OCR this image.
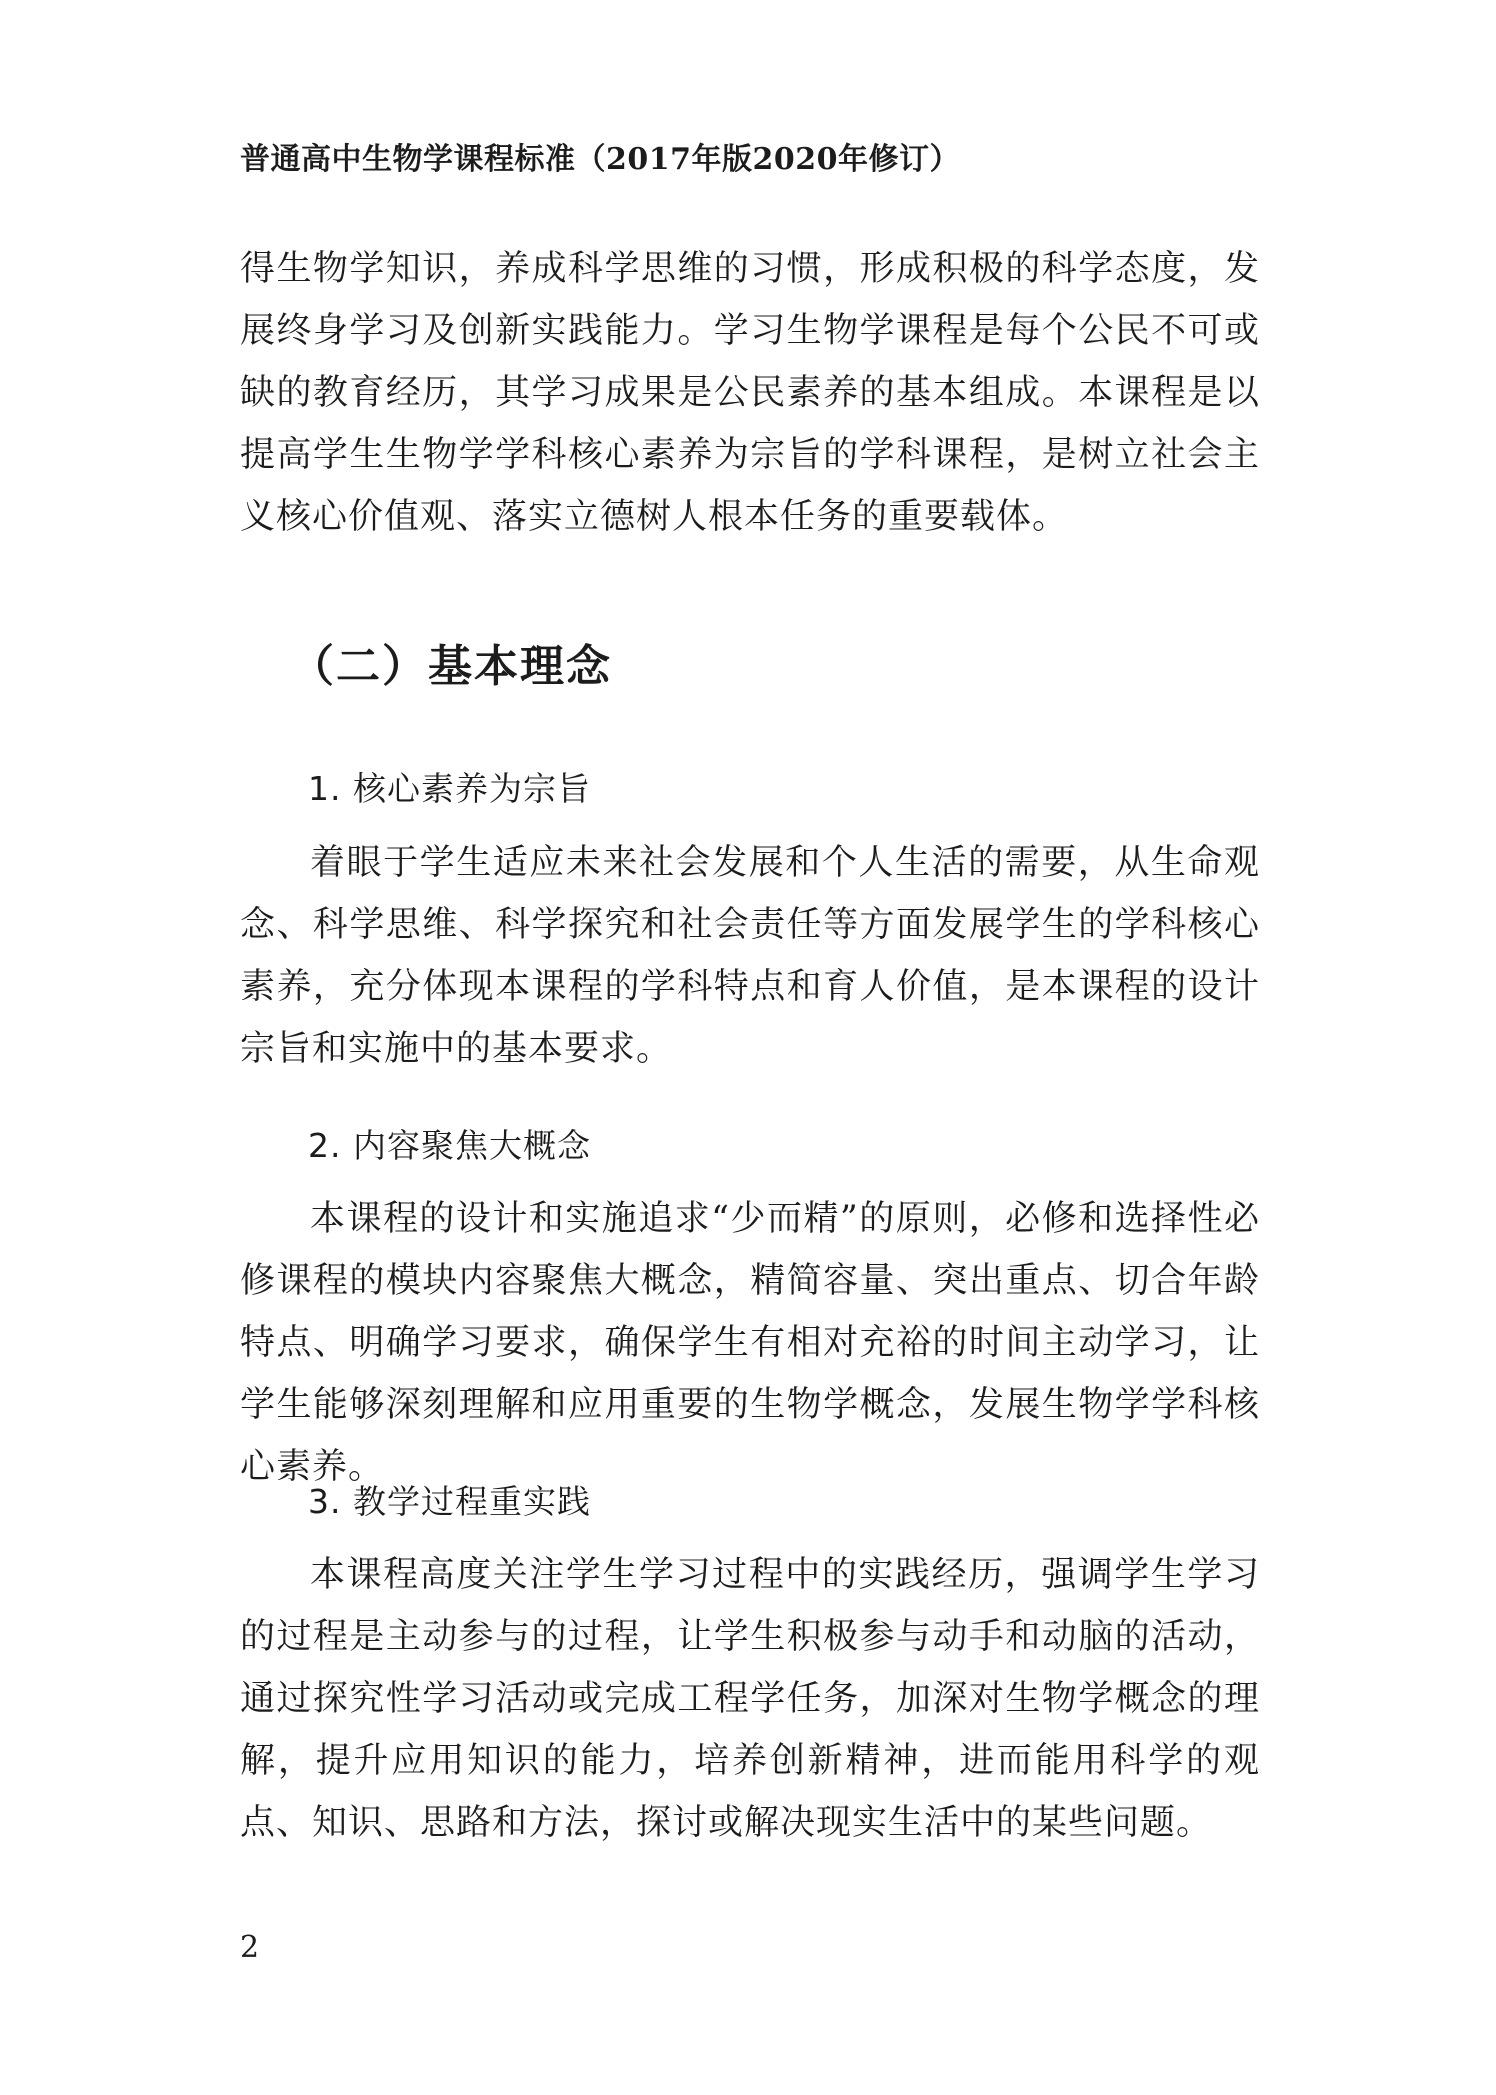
普通高中生物学课程标准（2017年版2020年修订）

得生物学知识，养成科学思维的习惯，形成积极的科学态度，发展终身学习及创新实践能力。学习生物学课程是每个公民不可或缺的教育经历，其学习成果是公民素养的基本组成。本课程是以提高学生生物学学科核心素养为宗旨的学科课程，是树立社会主义核心价值观、落实立德树人根本任务的重要载体。

（二）基本理念
1. 核心素养为宗旨

着眼于学生适应未来社会发展和个人生活的需要，从生命观念、科学思维、科学探究和社会责任等方面发展学生的学科核心素养，充分体现本课程的学科特点和育人价值，是本课程的设计宗旨和实施中的基本要求。

2. 内容聚焦大概念

本课程的设计和实施追求“少而精”的原则，必修和选择性必修课程的模块内容聚焦大概念，精简容量、突出重点、切合年龄特点、明确学习要求，确保学生有相对充裕的时间主动学习，让学生能够深刻理解和应用重要的生物学概念，发展生物学学科核心素养。

3. 教学过程重实践

本课程高度关注学生学习过程中的实践经历，强调学生学习的过程是主动参与的过程，让学生积极参与动手和动脑的活动，通过探究性学习活动或完成工程学任务，加深对生物学概念的理解，提升应用知识的能力，培养创新精神，进而能用科学的观点、知识、思路和方法，探讨或解决现实生活中的某些问题。

2
